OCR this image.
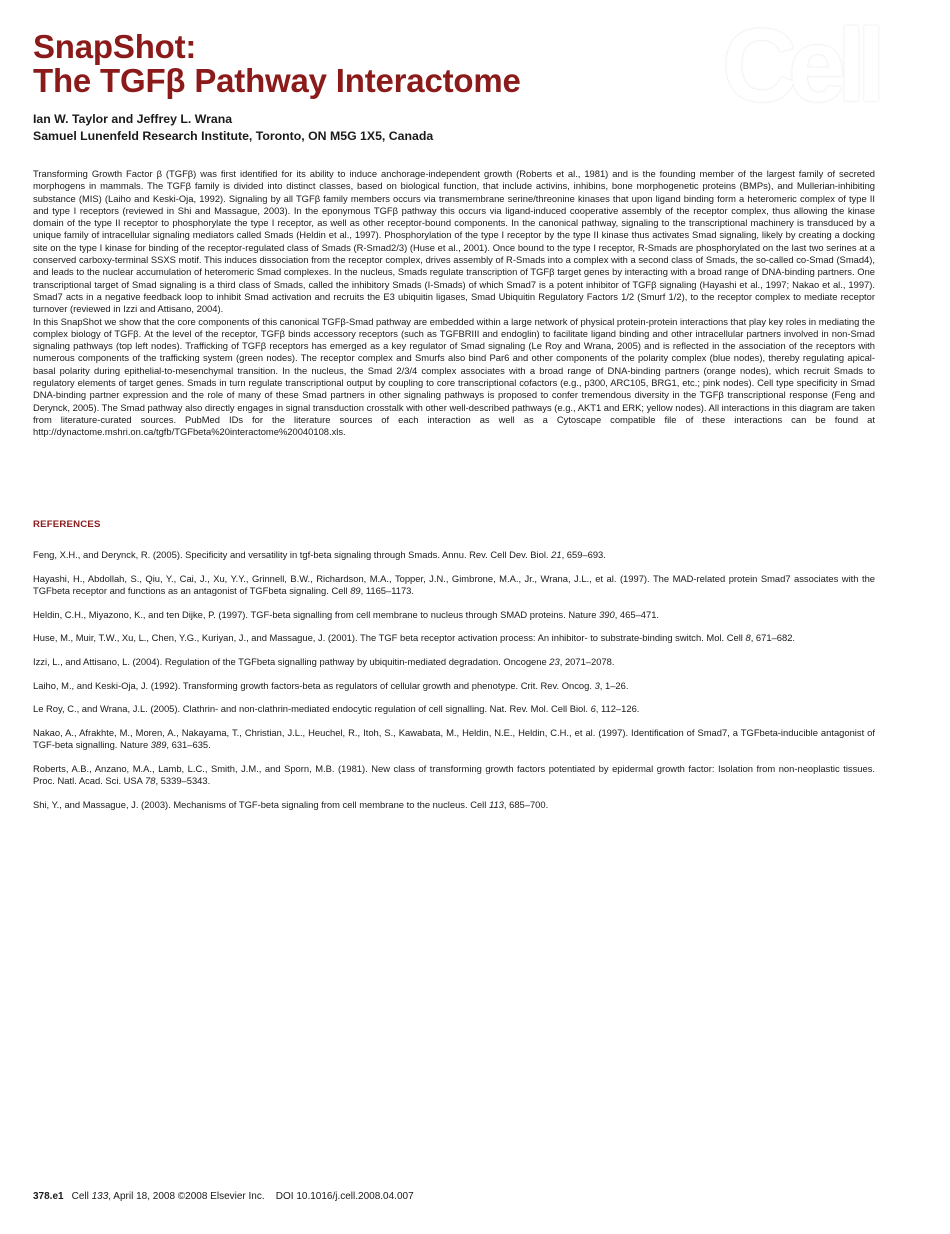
SnapShot:
The TGFβ Pathway Interactome Cell
Ian W. Taylor and Jeffrey L. Wrana
Samuel Lunenfeld Research Institute, Toronto, ON M5G 1X5, Canada

Transforming Growth Factor β (TGFβ) was first identified for its ability to induce anchorage-independent growth (Roberts et al., 1981) and is the founding member of the largest family of secreted morphogens in mammals. The TGFβ family is divided into distinct classes, based on biological function, that include activins, inhibins, bone morphogenetic proteins (BMPs), and Mullerian-inhibiting substance (MIS) (Laiho and Keski-Oja, 1992). Signaling by all TGFβ family members occurs via transmembrane serine/threonine kinases that upon ligand binding form a heteromeric complex of type II and type I receptors (reviewed in Shi and Massague, 2003). In the eponymous TGFβ pathway this occurs via ligand-induced cooperative assembly of the receptor complex, thus allowing the kinase domain of the type II receptor to phosphorylate the type I receptor, as well as other receptor-bound components. In the canonical pathway, signaling to the transcriptional machinery is transduced by a unique family of intracellular signaling mediators called Smads (Heldin et al., 1997). Phosphorylation of the type I receptor by the type II kinase thus activates Smad signaling, likely by creating a docking site on the type I kinase for binding of the receptor-regulated class of Smads (R-Smad2/3) (Huse et al., 2001). Once bound to the type I receptor, R-Smads are phosphorylated on the last two serines at a conserved carboxy-terminal SSXS motif. This induces dissociation from the receptor complex, drives assembly of R-Smads into a complex with a second class of Smads, the so-called co-Smad (Smad4), and leads to the nuclear accumulation of heteromeric Smad complexes. In the nucleus, Smads regulate transcription of TGFβ target genes by interacting with a broad range of DNA-binding partners. One transcriptional target of Smad signaling is a third class of Smads, called the inhibitory Smads (I-Smads) of which Smad7 is a potent inhibitor of TGFβ signaling (Hayashi et al., 1997; Nakao et al., 1997). Smad7 acts in a negative feedback loop to inhibit Smad activation and recruits the E3 ubiquitin ligases, Smad Ubiquitin Regulatory Factors 1/2 (Smurf 1/2), to the receptor complex to mediate receptor turnover (reviewed in Izzi and Attisano, 2004).

In this SnapShot we show that the core components of this canonical TGFβ-Smad pathway are embedded within a large network of physical protein-protein interactions that play key roles in mediating the complex biology of TGFβ. At the level of the receptor, TGFβ binds accessory receptors (such as TGFBRIII and endoglin) to facilitate ligand binding and other intracellular partners involved in non-Smad signaling pathways (top left nodes). Trafficking of TGFβ receptors has emerged as a key regulator of Smad signaling (Le Roy and Wrana, 2005) and is reflected in the association of the receptors with numerous components of the trafficking system (green nodes). The receptor complex and Smurfs also bind Par6 and other components of the polarity complex (blue nodes), thereby regulating apical-basal polarity during epithelial-to-mesenchymal transition. In the nucleus, the Smad 2/3/4 complex associates with a broad range of DNA-binding partners (orange nodes), which recruit Smads to regulatory elements of target genes. Smads in turn regulate transcriptional output by coupling to core transcriptional cofactors (e.g., p300, ARC105, BRG1, etc.; pink nodes). Cell type specificity in Smad DNA-binding partner expression and the role of many of these Smad partners in other signaling pathways is proposed to confer tremendous diversity in the TGFβ transcriptional response (Feng and Derynck, 2005). The Smad pathway also directly engages in signal transduction crosstalk with other well-described pathways (e.g., AKT1 and ERK; yellow nodes). All interactions in this diagram are taken from literature-curated sources. PubMed IDs for the literature sources of each interaction as well as a Cytoscape compatible file of these interactions can be found at http://dynactome.mshri.on.ca/tgfb/TGFbeta%20interactome%20040108.xls.

REFERENCES

Feng, X.H., and Derynck, R. (2005). Specificity and versatility in tgf-beta signaling through Smads. Annu. Rev. Cell Dev. Biol. 21, 659–693.

Hayashi, H., Abdollah, S., Qiu, Y., Cai, J., Xu, Y.Y., Grinnell, B.W., Richardson, M.A., Topper, J.N., Gimbrone, M.A., Jr., Wrana, J.L., et al. (1997). The MAD-related protein Smad7 associates with the TGFbeta receptor and functions as an antagonist of TGFbeta signaling. Cell 89, 1165–1173.

Heldin, C.H., Miyazono, K., and ten Dijke, P. (1997). TGF-beta signalling from cell membrane to nucleus through SMAD proteins. Nature 390, 465–471.

Huse, M., Muir, T.W., Xu, L., Chen, Y.G., Kuriyan, J., and Massague, J. (2001). The TGF beta receptor activation process: An inhibitor- to substrate-binding switch. Mol. Cell 8, 671–682.

Izzi, L., and Attisano, L. (2004). Regulation of the TGFbeta signalling pathway by ubiquitin-mediated degradation. Oncogene 23, 2071–2078.

Laiho, M., and Keski-Oja, J. (1992). Transforming growth factors-beta as regulators of cellular growth and phenotype. Crit. Rev. Oncog. 3, 1–26.

Le Roy, C., and Wrana, J.L. (2005). Clathrin- and non-clathrin-mediated endocytic regulation of cell signalling. Nat. Rev. Mol. Cell Biol. 6, 112–126.

Nakao, A., Afrakhte, M., Moren, A., Nakayama, T., Christian, J.L., Heuchel, R., Itoh, S., Kawabata, M., Heldin, N.E., Heldin, C.H., et al. (1997). Identification of Smad7, a TGFbeta-inducible antagonist of TGF-beta signalling. Nature 389, 631–635.

Roberts, A.B., Anzano, M.A., Lamb, L.C., Smith, J.M., and Sporn, M.B. (1981). New class of transforming growth factors potentiated by epidermal growth factor: Isolation from non-neoplastic tissues. Proc. Natl. Acad. Sci. USA 78, 5339–5343.

Shi, Y., and Massague, J. (2003). Mechanisms of TGF-beta signaling from cell membrane to the nucleus. Cell 113, 685–700.

378.e1 Cell 133, April 18, 2008 ©2008 Elsevier Inc.    DOI 10.1016/j.cell.2008.04.007
